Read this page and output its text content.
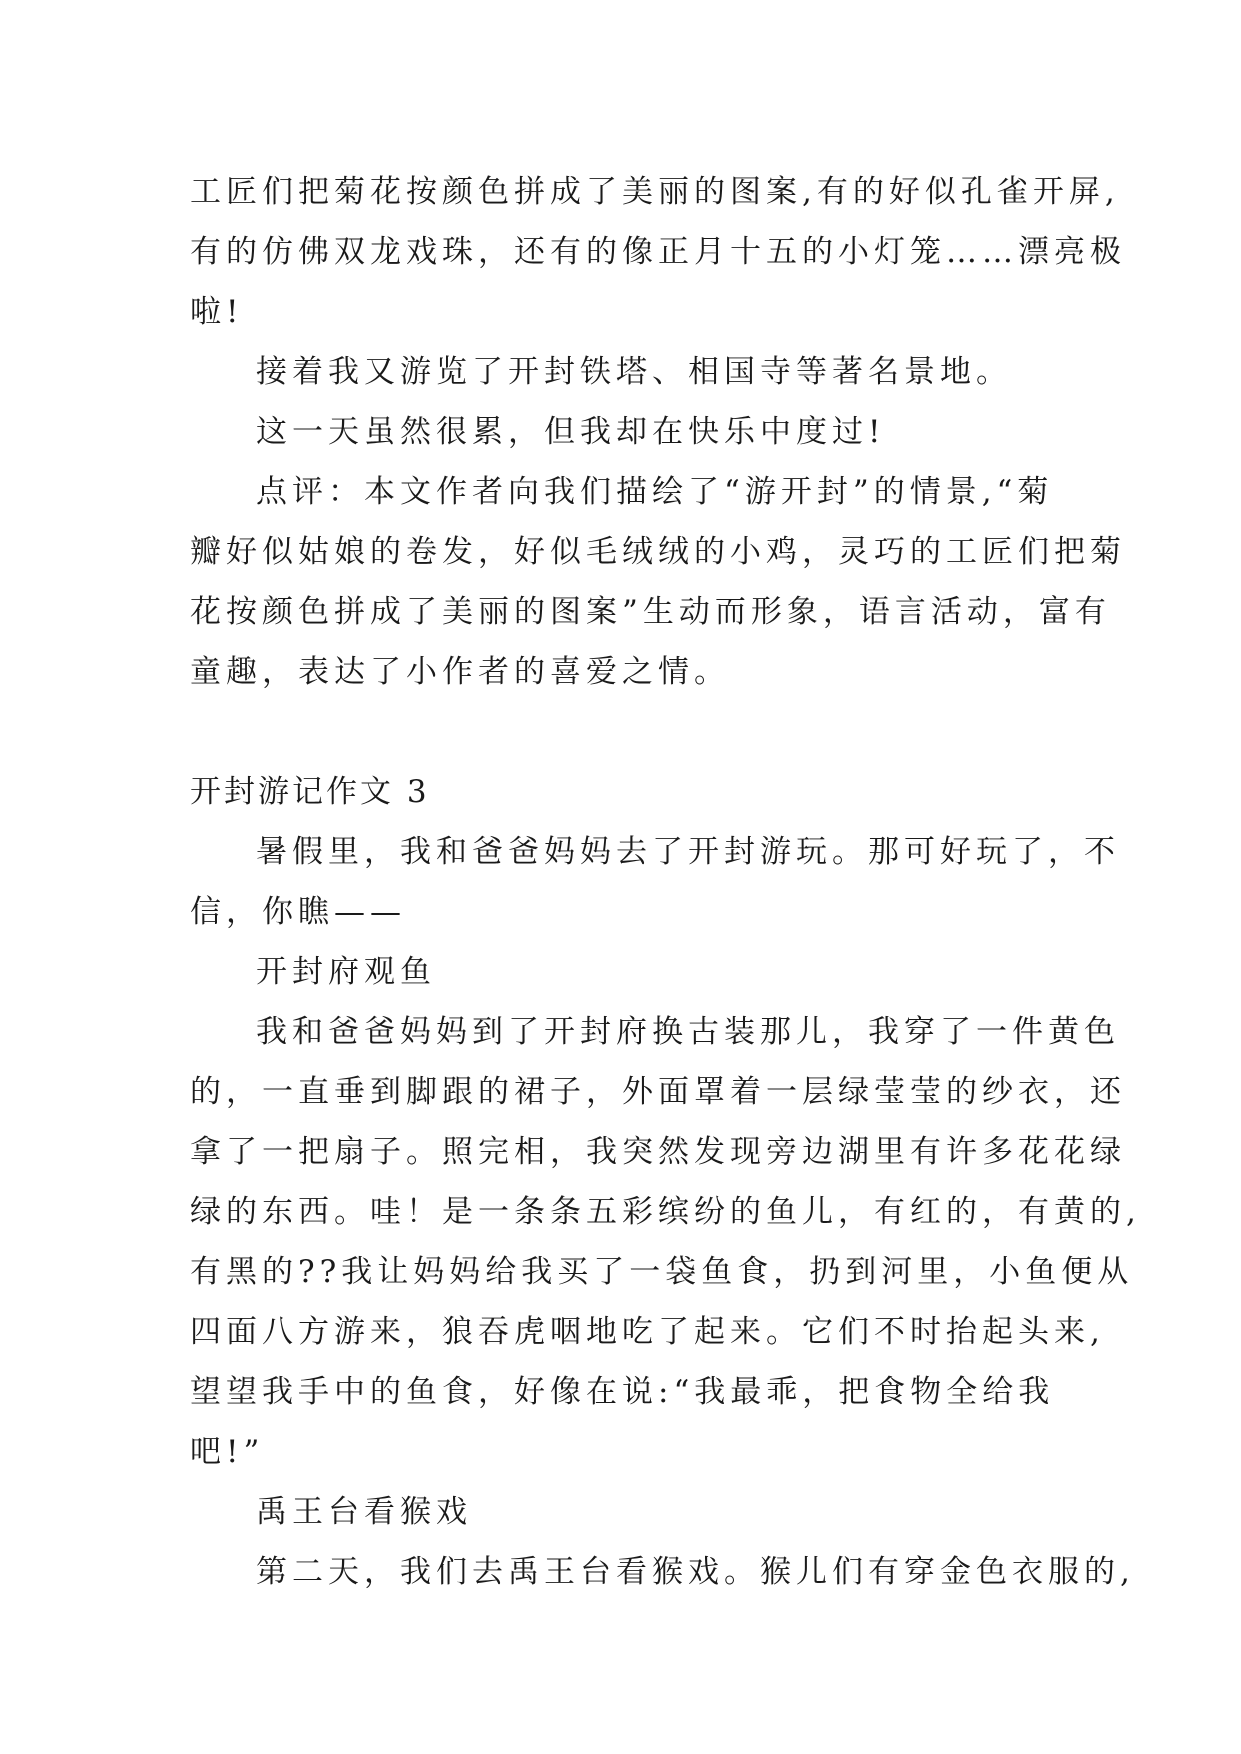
工匠们把菊花按颜色拼成了美丽的图案,有的好似孔雀开屏,
有的仿佛双龙戏珠，还有的像正月十五的小灯笼……漂亮极
啦!
接着我又游览了开封铁塔、相国寺等著名景地。
这一天虽然很累，但我却在快乐中度过!
点评：本文作者向我们描绘了“游开封”的情景,“菊
瓣好似姑娘的卷发，好似毛绒绒的小鸡，灵巧的工匠们把菊
花按颜色拼成了美丽的图案”生动而形象，语言活动，富有
童趣，表达了小作者的喜爱之情。
开封游记作文 3
暑假里，我和爸爸妈妈去了开封游玩。那可好玩了，不
信，你瞧——
开封府观鱼
我和爸爸妈妈到了开封府换古装那儿，我穿了一件黄色
的，一直垂到脚跟的裙子，外面罩着一层绿莹莹的纱衣，还
拿了一把扇子。照完相，我突然发现旁边湖里有许多花花绿
绿的东西。哇！是一条条五彩缤纷的鱼儿，有红的，有黄的,
有黑的??我让妈妈给我买了一袋鱼食，扔到河里，小鱼便从
四面八方游来，狼吞虎咽地吃了起来。它们不时抬起头来,
望望我手中的鱼食，好像在说:“我最乖，把食物全给我
吧!”
禹王台看猴戏
第二天，我们去禹王台看猴戏。猴儿们有穿金色衣服的,
